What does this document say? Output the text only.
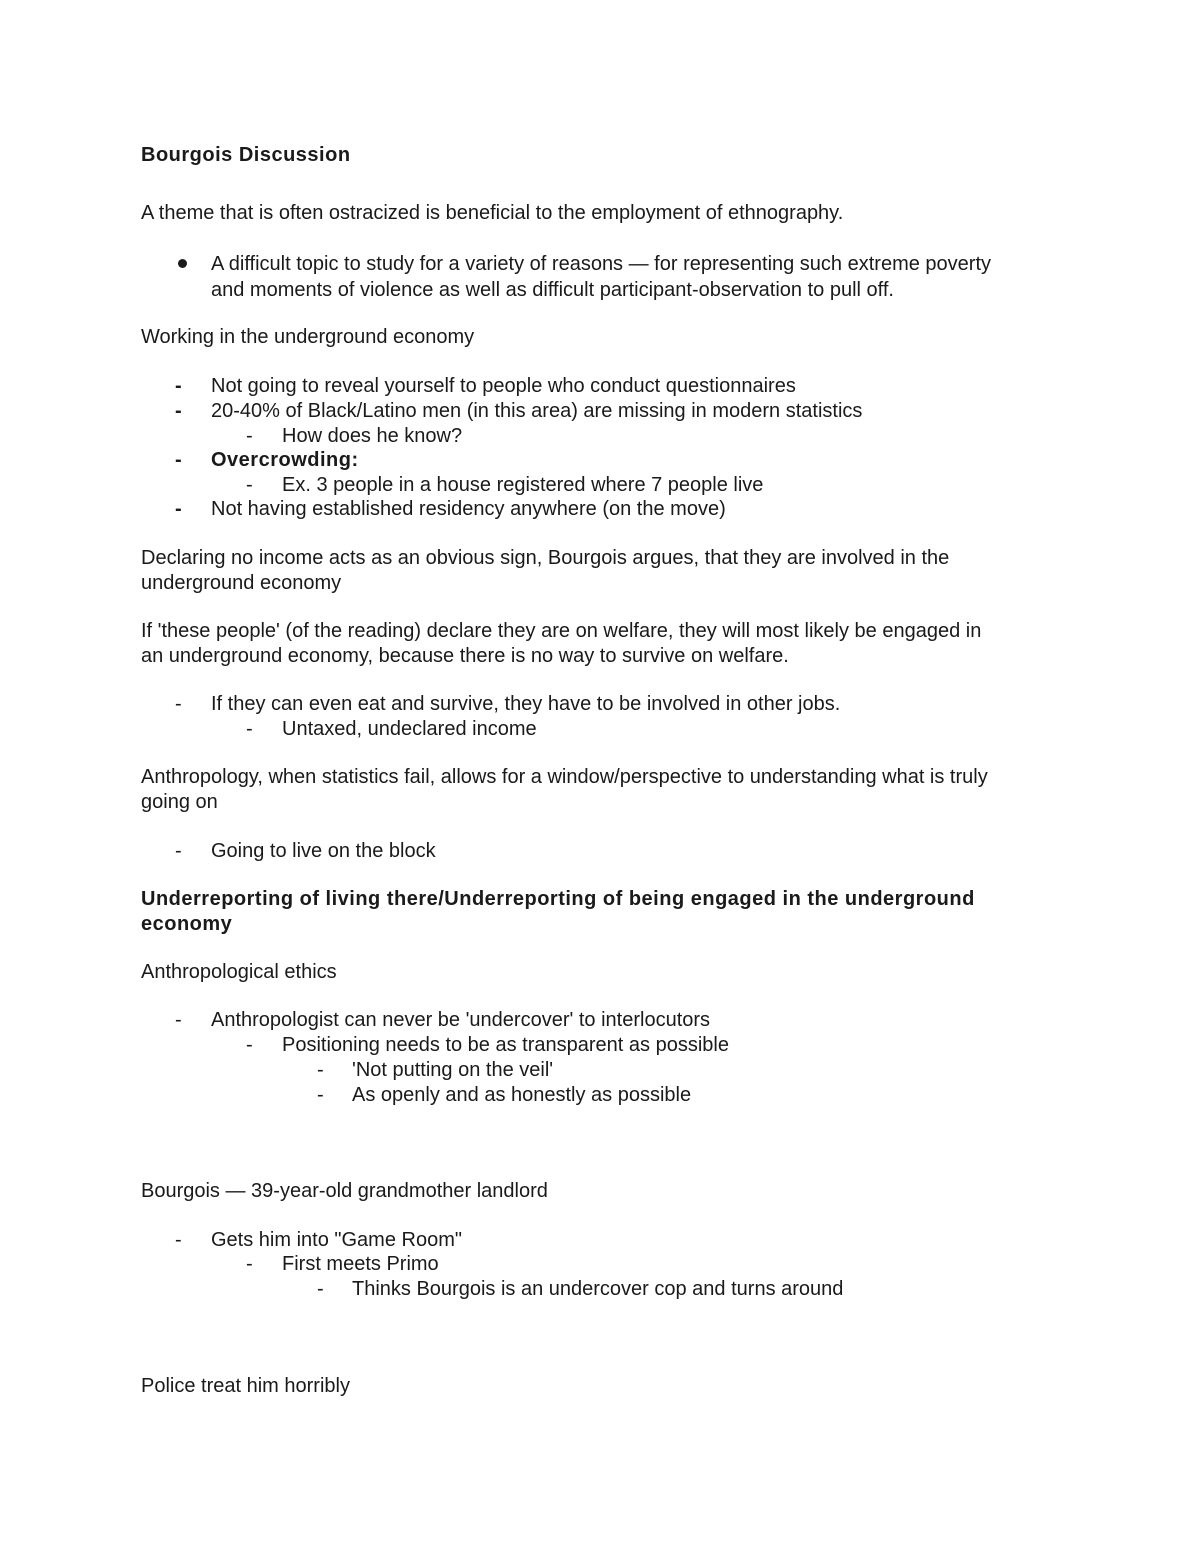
Bourgois Discussion
A theme that is often ostracized is beneficial to the employment of ethnography.
A difficult topic to study for a variety of reasons — for representing such extreme poverty
and moments of violence as well as difficult participant-observation to pull off.
Working in the underground economy
- Not going to reveal yourself to people who conduct questionnaires
- 20-40% of Black/Latino men (in this area) are missing in modern statistics
- How does he know?
- Overcrowding:
- Ex. 3 people in a house registered where 7 people live
- Not having established residency anywhere (on the move)
Declaring no income acts as an obvious sign, Bourgois argues, that they are involved in the
underground economy
If 'these people' (of the reading) declare they are on welfare, they will most likely be engaged in
an underground economy, because there is no way to survive on welfare.
- If they can even eat and survive, they have to be involved in other jobs.
- Untaxed, undeclared income
Anthropology, when statistics fail, allows for a window/perspective to understanding what is truly
going on
- Going to live on the block
Underreporting of living there/Underreporting of being engaged in the underground
economy
Anthropological ethics
- Anthropologist can never be 'undercover' to interlocutors
- Positioning needs to be as transparent as possible
- 'Not putting on the veil'
- As openly and as honestly as possible
Bourgois — 39-year-old grandmother landlord
- Gets him into "Game Room"
- First meets Primo
- Thinks Bourgois is an undercover cop and turns around
Police treat him horribly
